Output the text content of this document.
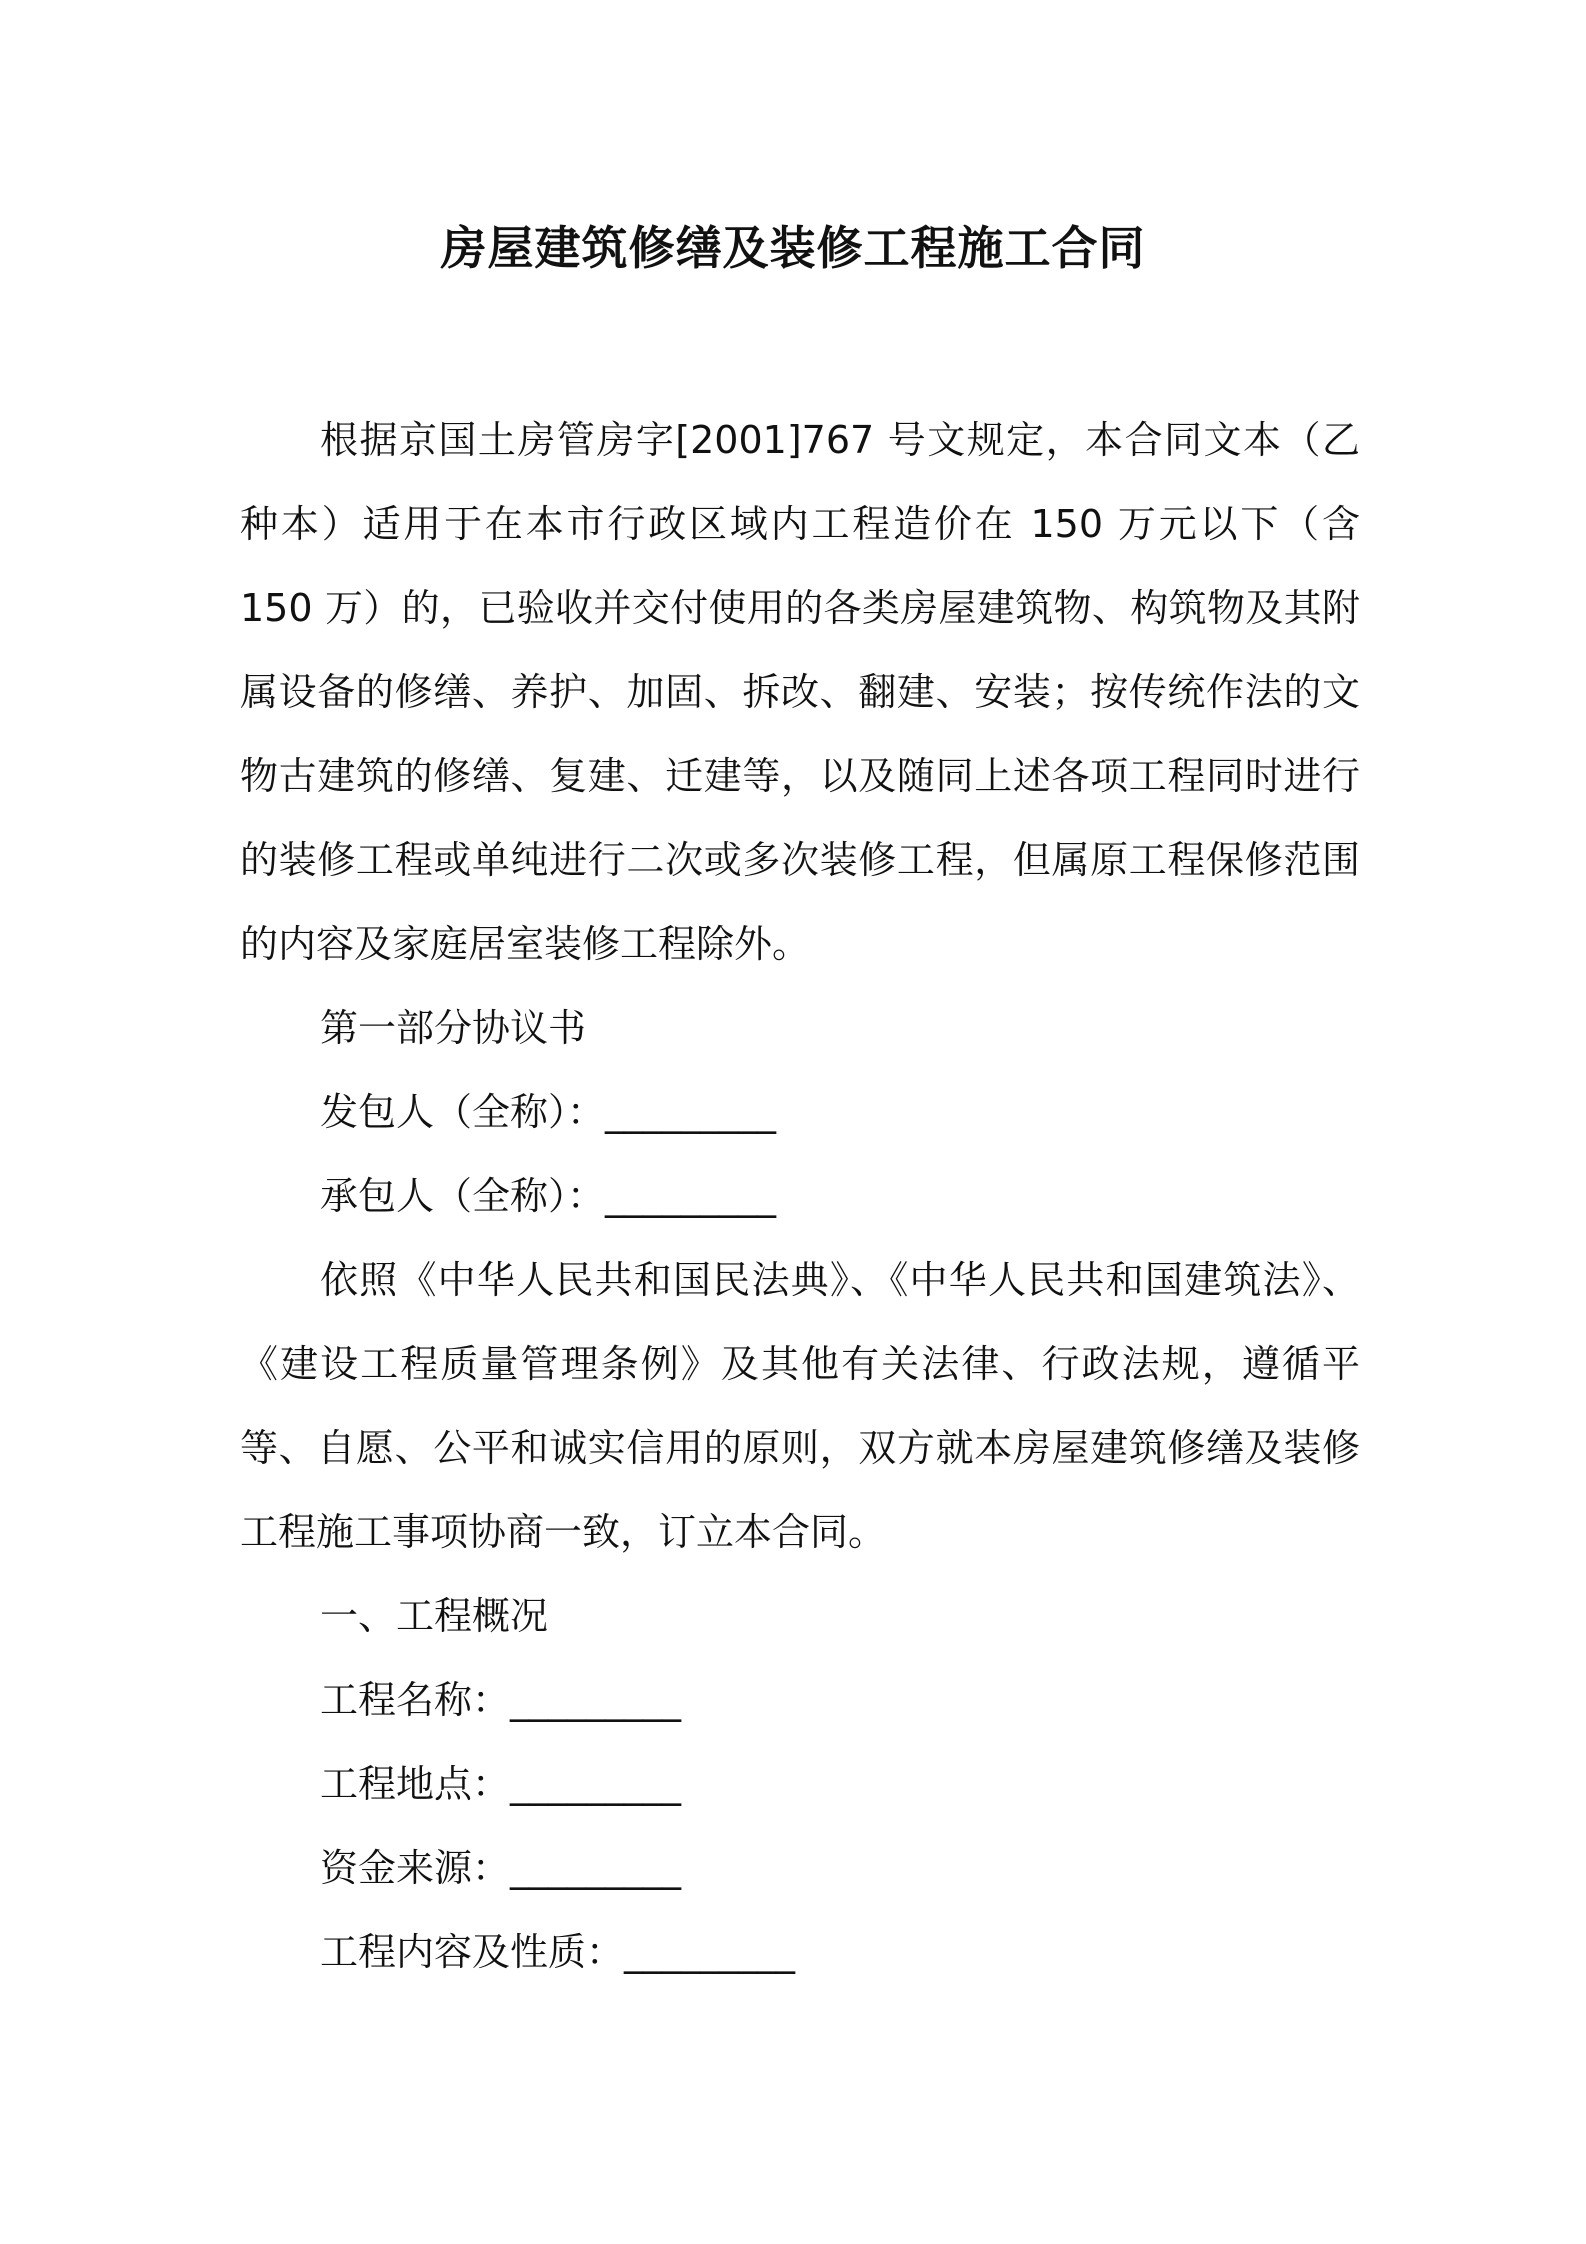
房屋建筑修缮及装修工程施工合同

根据京国土房管房字[2001]767 号文规定，本合同文本（乙种本）适用于在本市行政区域内工程造价在 150 万元以下（含 150 万）的，已验收并交付使用的各类房屋建筑物、构筑物及其附属设备的修缮、养护、加固、拆改、翻建、安装；按传统作法的文物古建筑的修缮、复建、迁建等，以及随同上述各项工程同时进行的装修工程或单纯进行二次或多次装修工程，但属原工程保修范围的内容及家庭居室装修工程除外。

第一部分协议书

发包人（全称）：_________

承包人（全称）：_________

依照《中华人民共和国民法典》、《中华人民共和国建筑法》、《建设工程质量管理条例》及其他有关法律、行政法规，遵循平等、自愿、公平和诚实信用的原则，双方就本房屋建筑修缮及装修工程施工事项协商一致，订立本合同。

一、工程概况

工程名称：_________

工程地点：_________

资金来源：_________

工程内容及性质：_________
